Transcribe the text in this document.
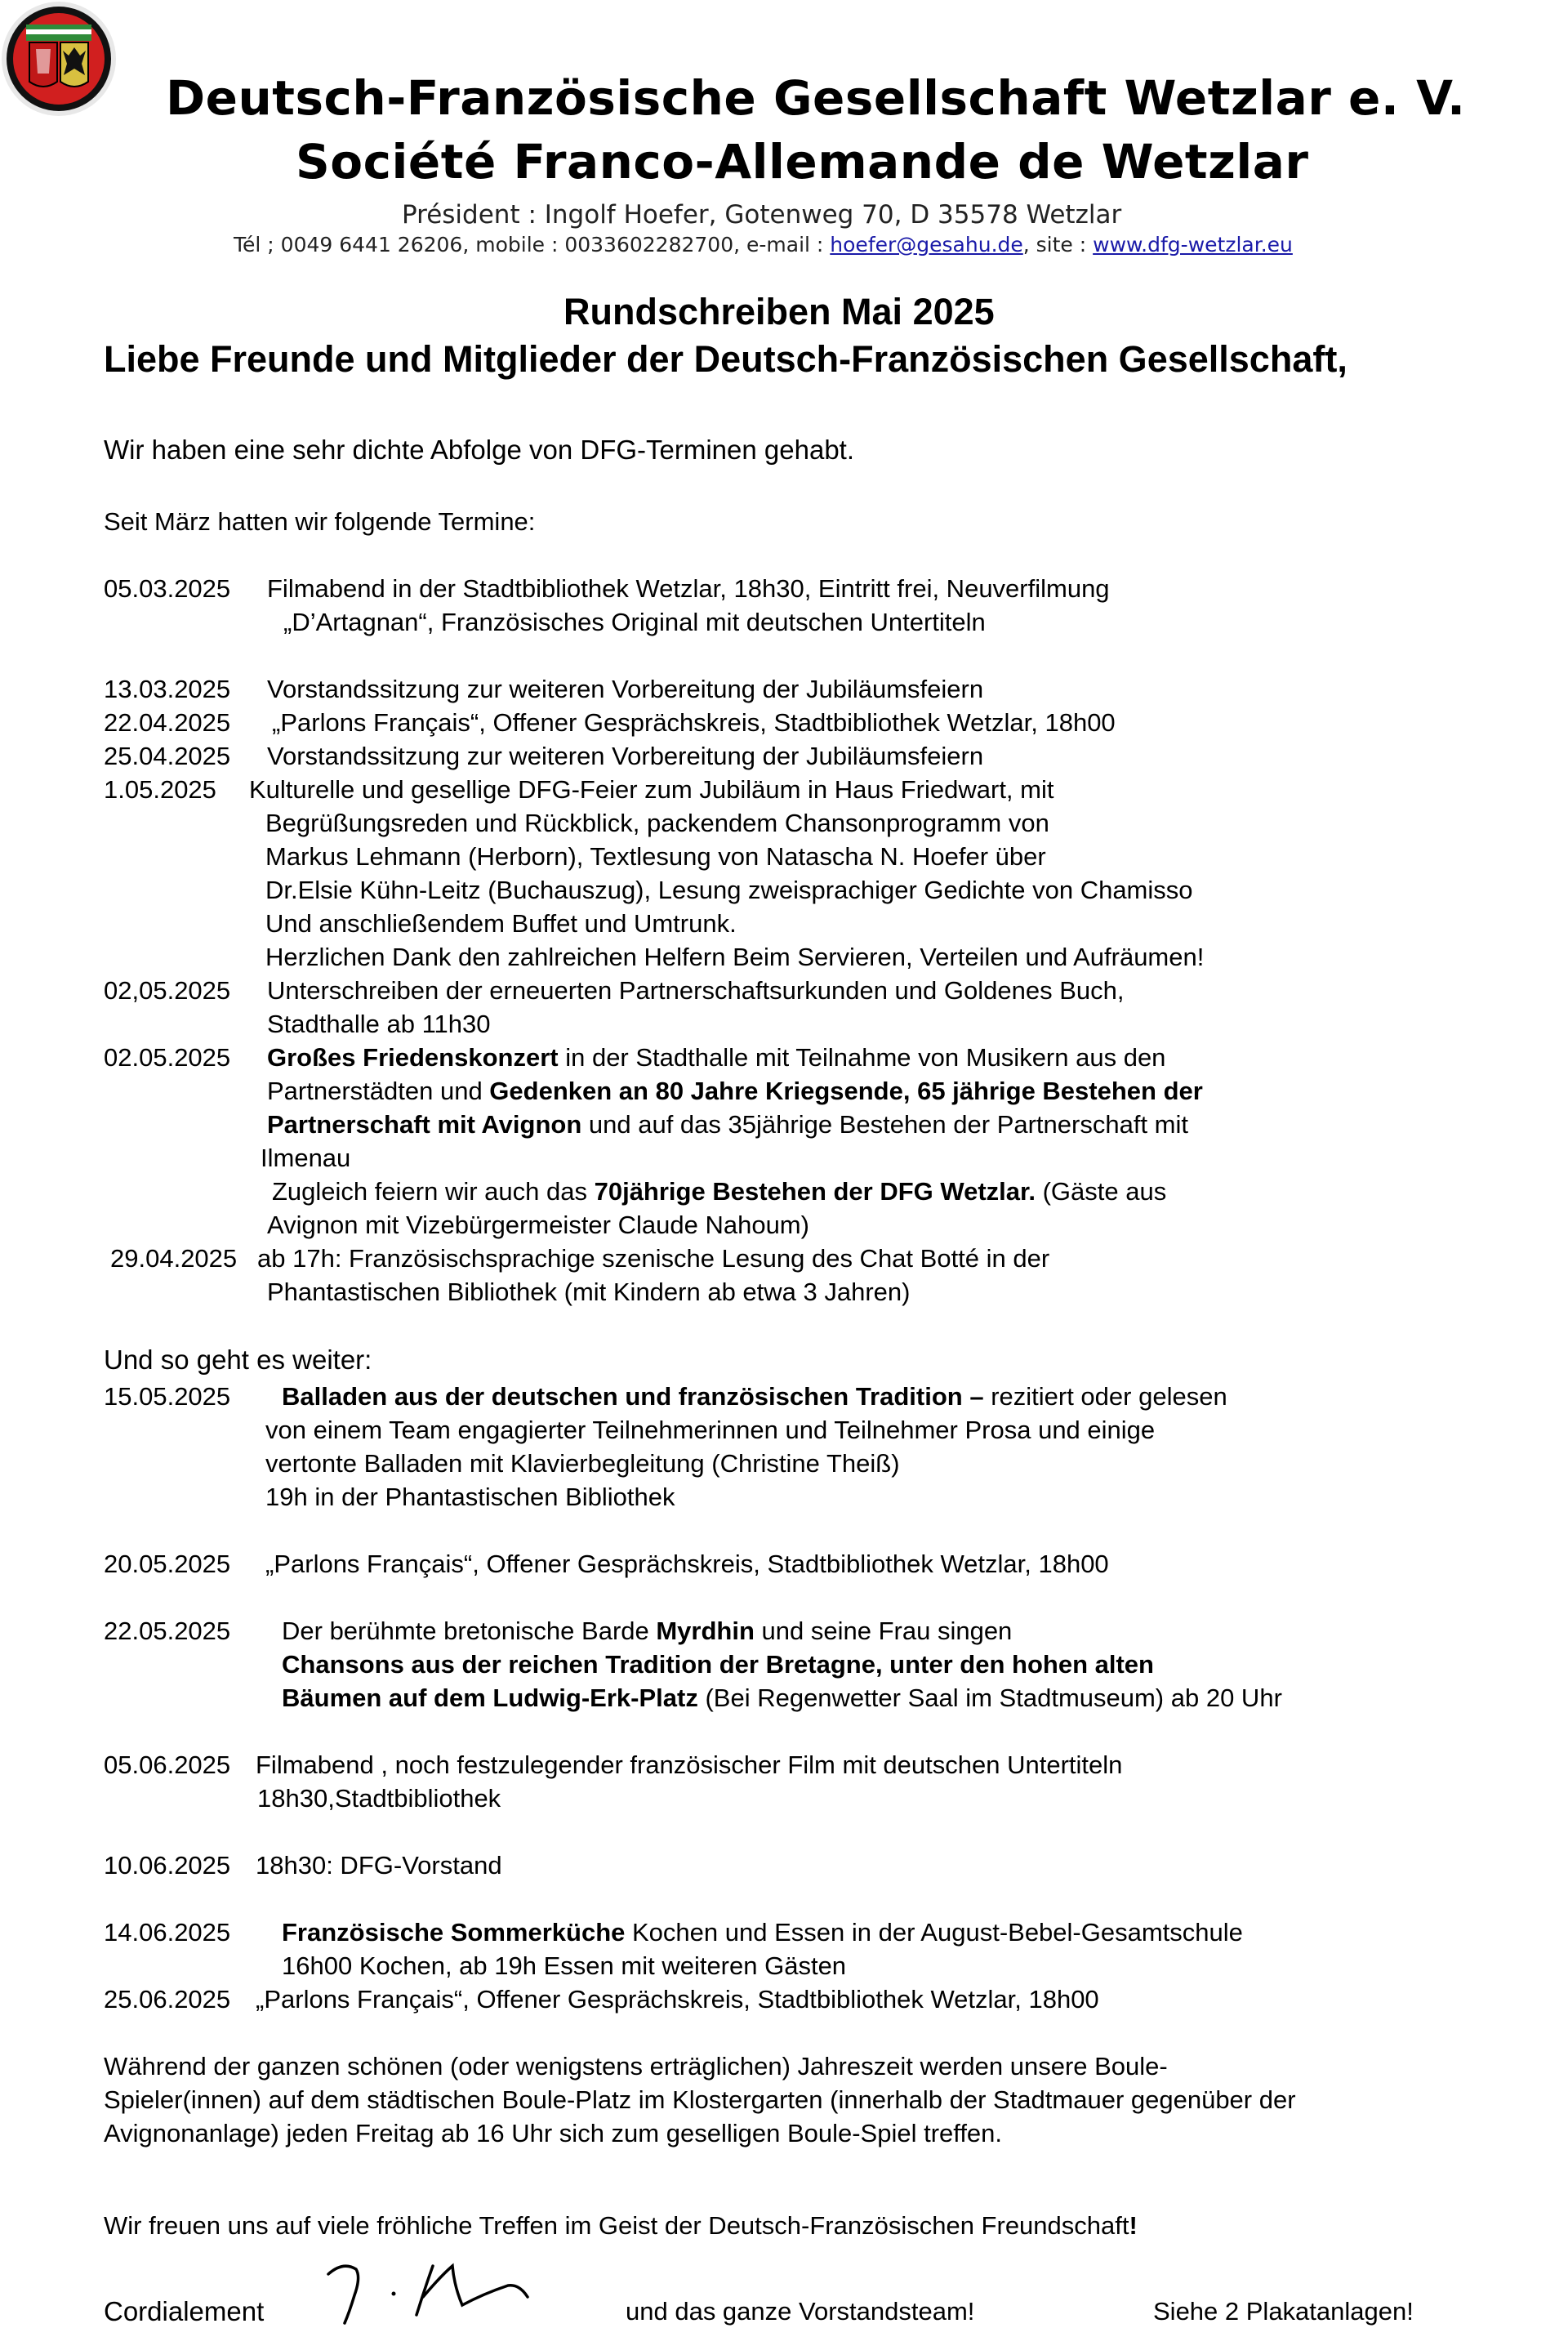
Deutsch-Französische Gesellschaft Wetzlar e. V.
Société Franco-Allemande de Wetzlar
Président : Ingolf Hoefer, Gotenweg 70, D 35578 Wetzlar
Tél ; 0049 6441 26206, mobile : 0033602282700, e-mail : hoefer@gesahu.de, site : www.dfg-wetzlar.eu
Rundschreiben Mai 2025
Liebe Freunde und Mitglieder der Deutsch-Französischen Gesellschaft,
Wir haben eine sehr dichte Abfolge von DFG-Terminen gehabt.
Seit März hatten wir folgende Termine:
05.03.2025 Filmabend in der Stadtbibliothek Wetzlar, 18h30, Eintritt frei, Neuverfilmung
„D’Artagnan“, Französisches Original mit deutschen Untertiteln
13.03.2025 Vorstandssitzung zur weiteren Vorbereitung der Jubiläumsfeiern
22.04.2025 „Parlons Français“, Offener Gesprächskreis, Stadtbibliothek Wetzlar, 18h00
25.04.2025 Vorstandssitzung zur weiteren Vorbereitung der Jubiläumsfeiern
1.05.2025 Kulturelle und gesellige DFG-Feier zum Jubiläum in Haus Friedwart, mit
Begrüßungsreden und Rückblick, packendem Chansonprogramm von
Markus Lehmann (Herborn), Textlesung von Natascha N. Hoefer über
Dr.Elsie Kühn-Leitz (Buchauszug), Lesung zweisprachiger Gedichte von Chamisso
Und anschließendem Buffet und Umtrunk.
Herzlichen Dank den zahlreichen Helfern Beim Servieren, Verteilen und Aufräumen!
02,05.2025 Unterschreiben der erneuerten Partnerschaftsurkunden und Goldenes Buch,
Stadthalle ab 11h30
02.05.2025 Großes Friedenskonzert in der Stadthalle mit Teilnahme von Musikern aus den
Partnerstädten und Gedenken an 80 Jahre Kriegsende, 65 jährige Bestehen der
Partnerschaft mit Avignon und auf das 35jährige Bestehen der Partnerschaft mit
Ilmenau
Zugleich feiern wir auch das 70jährige Bestehen der DFG Wetzlar. (Gäste aus
Avignon mit Vizebürgermeister Claude Nahoum)
29.04.2025 ab 17h: Französischsprachige szenische Lesung des Chat Botté in der
Phantastischen Bibliothek (mit Kindern ab etwa 3 Jahren)
Und so geht es weiter:
15.05.2025 Balladen aus der deutschen und französischen Tradition – rezitiert oder gelesen
von einem Team engagierter Teilnehmerinnen und Teilnehmer Prosa und einige
vertonte Balladen mit Klavierbegleitung (Christine Theiß)
19h in der Phantastischen Bibliothek
20.05.2025 „Parlons Français“, Offener Gesprächskreis, Stadtbibliothek Wetzlar, 18h00
22.05.2025 Der berühmte bretonische Barde Myrdhin und seine Frau singen
Chansons aus der reichen Tradition der Bretagne, unter den hohen alten
Bäumen auf dem Ludwig-Erk-Platz (Bei Regenwetter Saal im Stadtmuseum) ab 20 Uhr
05.06.2025 Filmabend , noch festzulegender französischer Film mit deutschen Untertiteln
18h30,Stadtbibliothek
10.06.2025 18h30: DFG-Vorstand
14.06.2025 Französische Sommerküche Kochen und Essen in der August-Bebel-Gesamtschule
16h00 Kochen, ab 19h Essen mit weiteren Gästen
25.06.2025 „Parlons Français“, Offener Gesprächskreis, Stadtbibliothek Wetzlar, 18h00
Während der ganzen schönen (oder wenigstens erträglichen) Jahreszeit werden unsere Boule-
Spieler(innen) auf dem städtischen Boule-Platz im Klostergarten (innerhalb der Stadtmauer gegenüber der
Avignonanlage) jeden Freitag ab 16 Uhr sich zum geselligen Boule-Spiel treffen.
Wir freuen uns auf viele fröhliche Treffen im Geist der Deutsch-Französischen Freundschaft!
Cordialement	und das ganze Vorstandsteam!	Siehe 2 Plakatanlagen!
